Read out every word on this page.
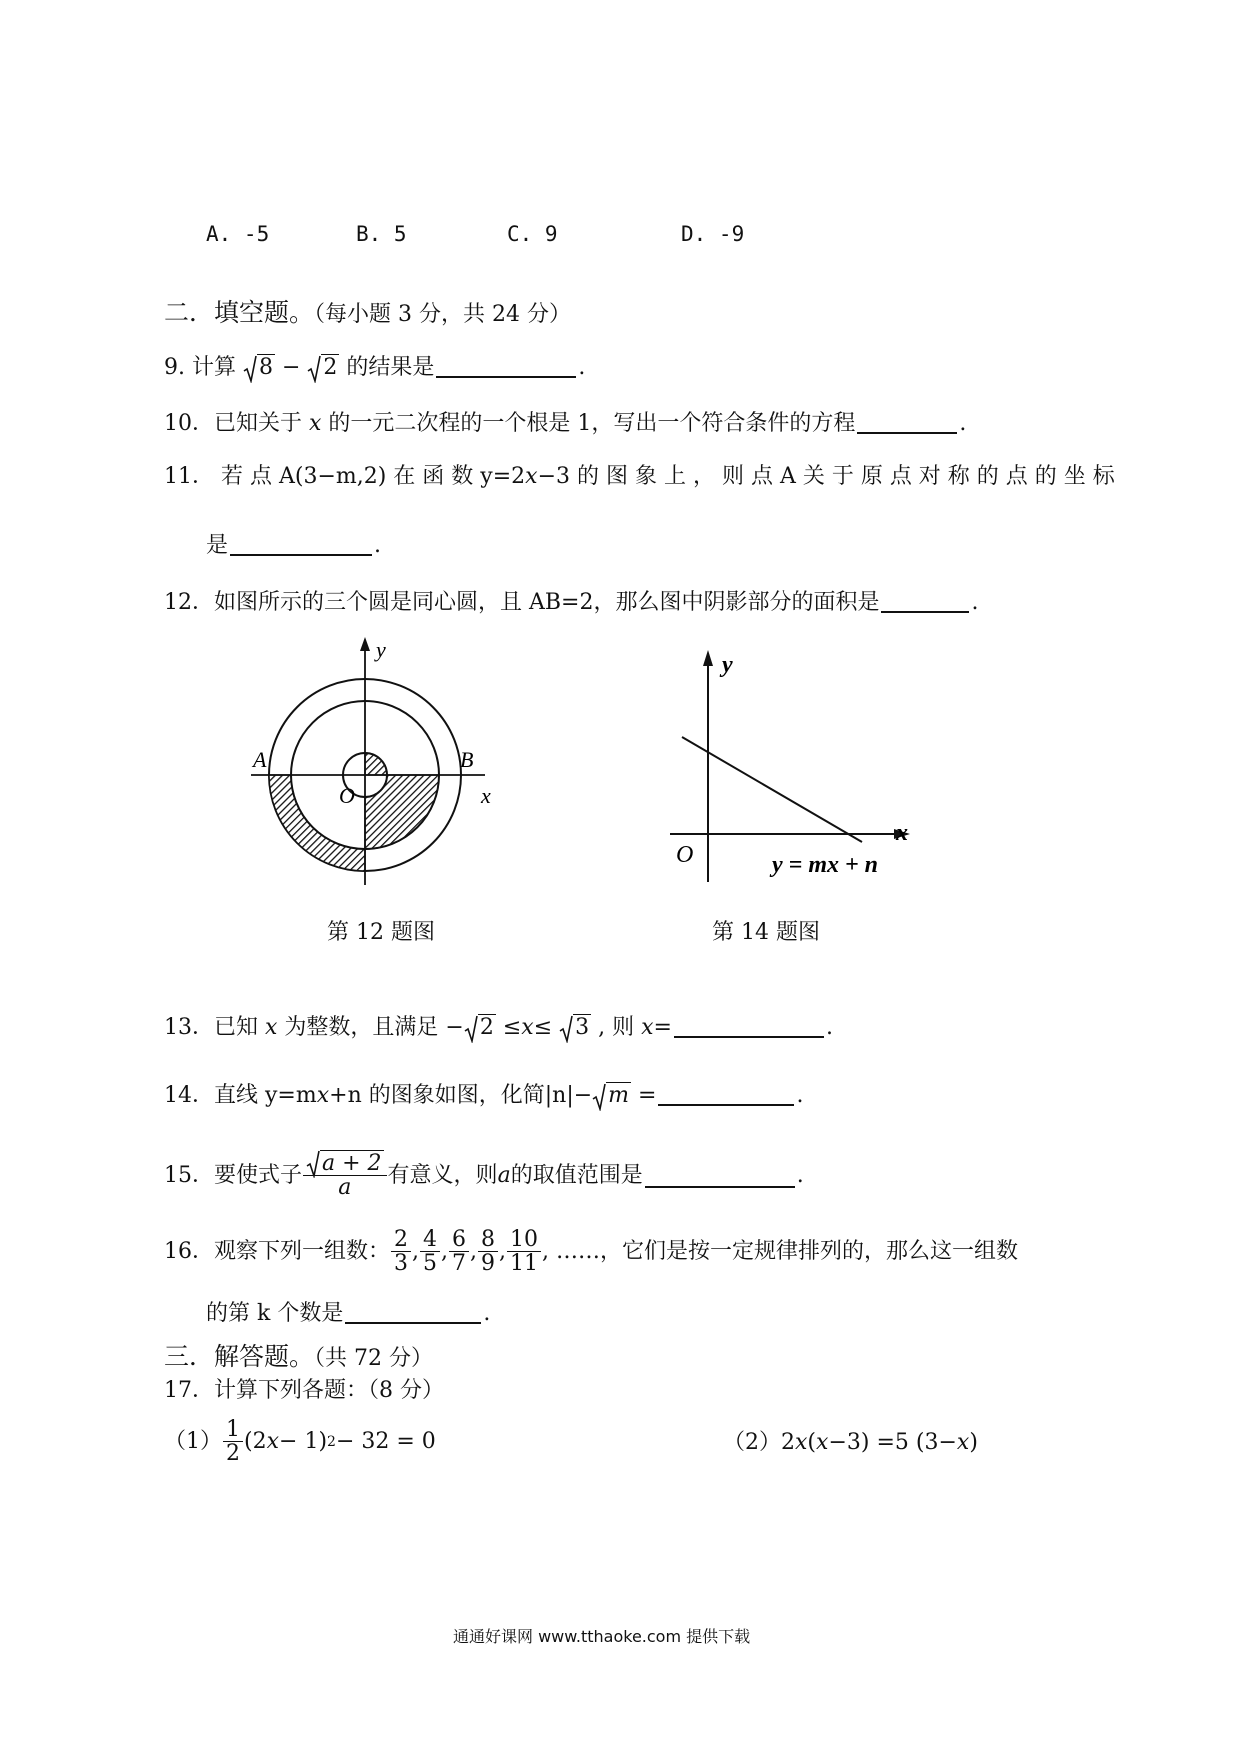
A. -5	B. 5	C. 9	D. -9
二．填空题。（每小题 3 分，共 24 分）
9. 计算 8 −
2 的结果是	.
10．已知关于 x 的一元二次程的一个根是 1，写出一个符合条件的方程	.
11． 若 点 A(3−m,2) 在 函 数 y=2x−3 的 图 象 上 ， 则 点 A 关 于 原 点 对 称 的 点 的 坐 标
是	.
12．如图所示的三个圆是同心圆，且 AB=2，那么图中阴影部分的面积是	.
y
x
A	B
O
第 12 题图
y
x
O	y = mx + n
第 14 题图
13．已知 x 为整数，且满足 − 2 ≤x≤
3 , 则 x=	.
14．直线 y=mx+n 的图象如图，化简|n|− m =	.
15．要使式子 $\frac{a + 2}{a}$ 有意义，则 a 的取值范围是	.
16．观察下列一组数： $\frac{2}{3}$ , $\frac{4}{5}$ , $\frac{6}{7}$ , $\frac{8}{9}$ , $\frac{10}{11}$ , ……，它们是按一定规律排列的，那么这一组数
的第 k 个数是	.
三．解答题。（共 72 分）
17．计算下列各题：（8 分）
$(1) \frac{1}{2} (2$ x − 1) 2 − 32 = 0	（2）2x(x−3) =5 (3−x)
通通好课网 www.tthaoke.com 提供下载
